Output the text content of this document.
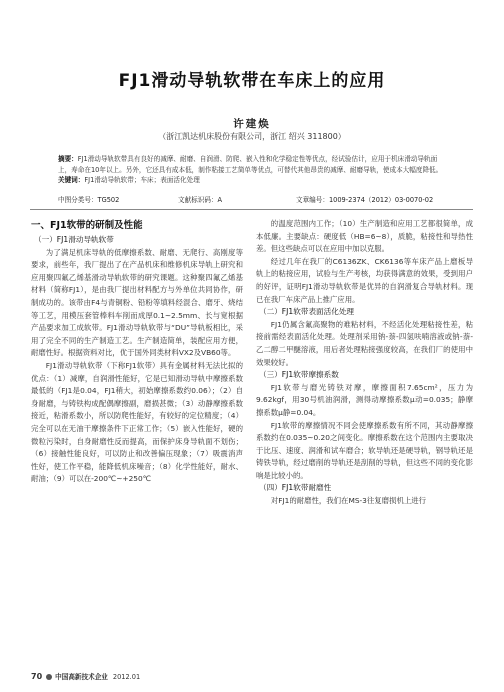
FJ1滑动导轨软带在车床上的应用
许建焕
（浙江凯达机床股份有限公司，浙江 绍兴 311800）
摘要：FJ1滑动导轨软带具有良好的减摩、耐磨、自润滑、防爬、嵌入性和化学稳定性等优点，经试验估计，应用于机床滑动导轨面上，寿命在10年以上。另外，它还具有成本低，制作粘接工艺简单等优点，可替代其他昂贵的减摩、耐磨导轨，使成本大幅度降低。
关键词：FJ1滑动导轨软带；车床；表面活化处理
中图分类号：TG502	文献标识码：A	文章编号：1009-2374（2012）03-0070-02
一、FJ1软带的研制及性能
（一）FJ1滑动导轨软带

为了满足机床导轨的低摩擦系数、耐磨、无爬行、高刚度等要求，前些年，我厂提出了在产品机床和维修机床导轨上研究和应用聚四氟乙烯基滑动导轨软带的研究课题。这种聚四氟乙烯基材料（简称FJ1），是由我厂提出材料配方与外单位共同协作，研制成功的。该带由F4与青铜粉、铅粉等填料经混合、磨牙、烧结等工艺，用模压套管棒料车削而成厚0.1~2.5mm、长与宽根据产品要求加工成软带。FJ1滑动导轨软带与“DU”导轨板相比，采用了完全不同的生产制造工艺。生产制造简单，装配应用方便，耐磨性好。根据资料对比，优于国外同类材料VX2及VB60等。

FJ1滑动导轨软带（下称FJ1软带）具有金属材料无法比拟的优点：（1）减摩，自润滑性能好，它是已知滑动导轨中摩擦系数最低的（FJ1是0.04，FJ1稍大，初始摩擦系数约0.06）；（2）自身耐磨，与铸铁构成配偶摩擦副，磨损甚微；（3）动静摩擦系数接近，粘滑系数小，所以防爬性能好，有较好的定位精度；（4）完全可以在无油干摩擦条件下正常工作；（5）嵌入性能好，硬的微粒污染时，自身耐磨性反而提高，而保护床身导轨面不划伤；（6）接触性能良好，可以防止和改善偏压现象；（7）吸震消声性好，使工作平稳，能降低机床噪音；（8）化学性能好，耐水、耐油；（9）可以在-200℃~+250℃

的温度范围内工作；（10）生产制造和应用工艺都很简单，成本低廉。主要缺点：硬度低（HB=6~8），质脆，粘接性和导热性差。但这些缺点可以在应用中加以克服。

经过几年在我厂的C6136ZK、CK6136等车床产品上磨板导轨上的粘接应用，试验与生产考核，均获得满意的效果，受到用户的好评，证明FJ1滑动导轨软带是优异的自润滑复合导轨材料。现已在我厂车床产品上推广应用。

（二）FJ1软带表面活化处理

FJ1仍属含氟高聚物的难粘材料，不经活化处理粘接性差，粘接前需经表面活化处理。处理剂采用钠-萘-四氢呋喃溶液或钠-萘-乙二醇二甲醚溶液，用后者处理粘接强度较高，在我们厂的使用中效果较好。

（三）FJ1软带摩擦系数

FJ1软带与磨光铸铁对摩，摩擦面积7.65cm²，压力为9.62kgf，用30号机油润滑，测得动摩擦系数μ动=0.035；静摩擦系数μ静=0.04。

FJ1软带的摩擦情况不同会使摩擦系数有所不同，其动静摩擦系数约在0.035~0.20之间变化。摩擦系数在这个范围内主要取决于比压、速度、润滑和试车磨合；软导轨还是硬导轨，钢导轨还是铸铁导轨，经过磨削的导轨还是刮削的导轨，但这些不同的变化影响是比较小的。

（四）FJ1软带耐磨性

对FJ1的耐磨性，我们在MS-3往复磨损机上进行

70 中国高新技术企业 2012.01
